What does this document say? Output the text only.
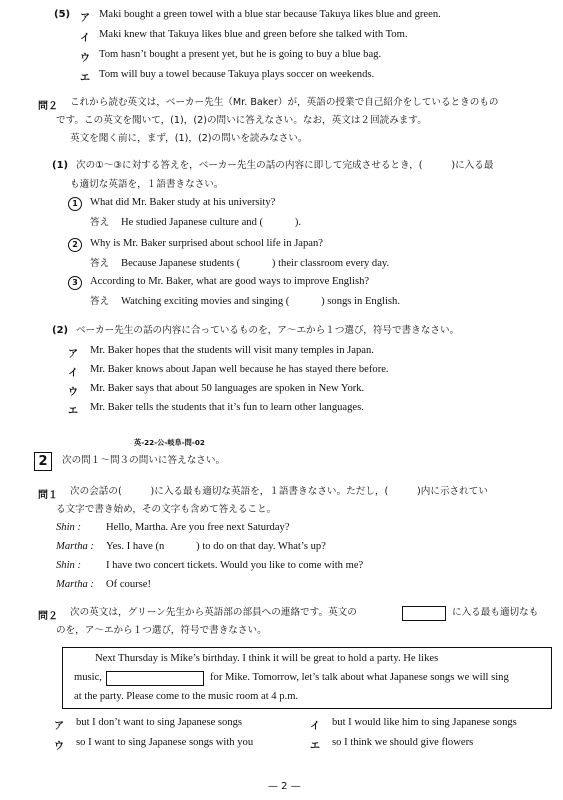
(5) ア Maki bought a green towel with a blue star because Takuya likes blue and green.
イ Maki knew that Takuya likes blue and green before she talked with Tom.
ウ Tom hasn’t bought a present yet, but he is going to buy a blue bag.
エ Tom will buy a towel because Takuya plays soccer on weekends.
問２ これから読む英文は，ベーカー先生（Mr. Baker）が，英語の授業で自己紹介をしているときのもの
です。この英文を聞いて，(1)，(2)の問いに答えなさい。なお，英文は２回読みます。
英文を聞く前に，まず，(1)，(2)の問いを読みなさい。
(1) 次の①～③に対する答えを，ベーカー先生の話の内容に即して完成させるとき，(　　　)に入る最
も適切な英語を，１語書きなさい。
1	What did Mr. Baker study at his university?
答え He studied Japanese culture and (　　　).
2	Why is Mr. Baker surprised about school life in Japan?
答え Because Japanese students (　　　) their classroom every day.
3	According to Mr. Baker, what are good ways to improve English?
答え Watching exciting movies and singing (　　　) songs in English.
(2) ベーカー先生の話の内容に合っているものを，ア～エから１つ選び，符号で書きなさい。
ア Mr. Baker hopes that the students will visit many temples in Japan.
イ Mr. Baker knows about Japan well because he has stayed there before.
ウ Mr. Baker says that about 50 languages are spoken in New York.
エ Mr. Baker tells the students that it’s fun to learn other languages.
英-22-公-岐阜-問-02
2	次の問１～問３の問いに答えなさい。
問１ 次の会話の(　　　)に入る最も適切な英語を，１語書きなさい。ただし，(　　　)内に示されてい
る文字で書き始め，その文字も含めて答えること。
Shin : Hello, Martha. Are you free next Saturday?
Martha : Yes. I have (n　　　) to do on that day. What’s up?
Shin : I have two concert tickets. Would you like to come with me?
Martha : Of course!
問２ 次の英文は，グリーン先生から英語部の部員への連絡です。英文の	に入る最も適切なも
のを，ア～エから１つ選び，符号で書きなさい。
Next Thursday is Mike’s birthday. I think it will be great to hold a party. He likes
music,	for Mike. Tomorrow, let’s talk about what Japanese songs we will sing
at the party. Please come to the music room at 4 p.m.
ア but I don’t want to sing Japanese songs	イ but I would like him to sing Japanese songs
ウ so I want to sing Japanese songs with you	エ so I think we should give flowers
— 2 —
